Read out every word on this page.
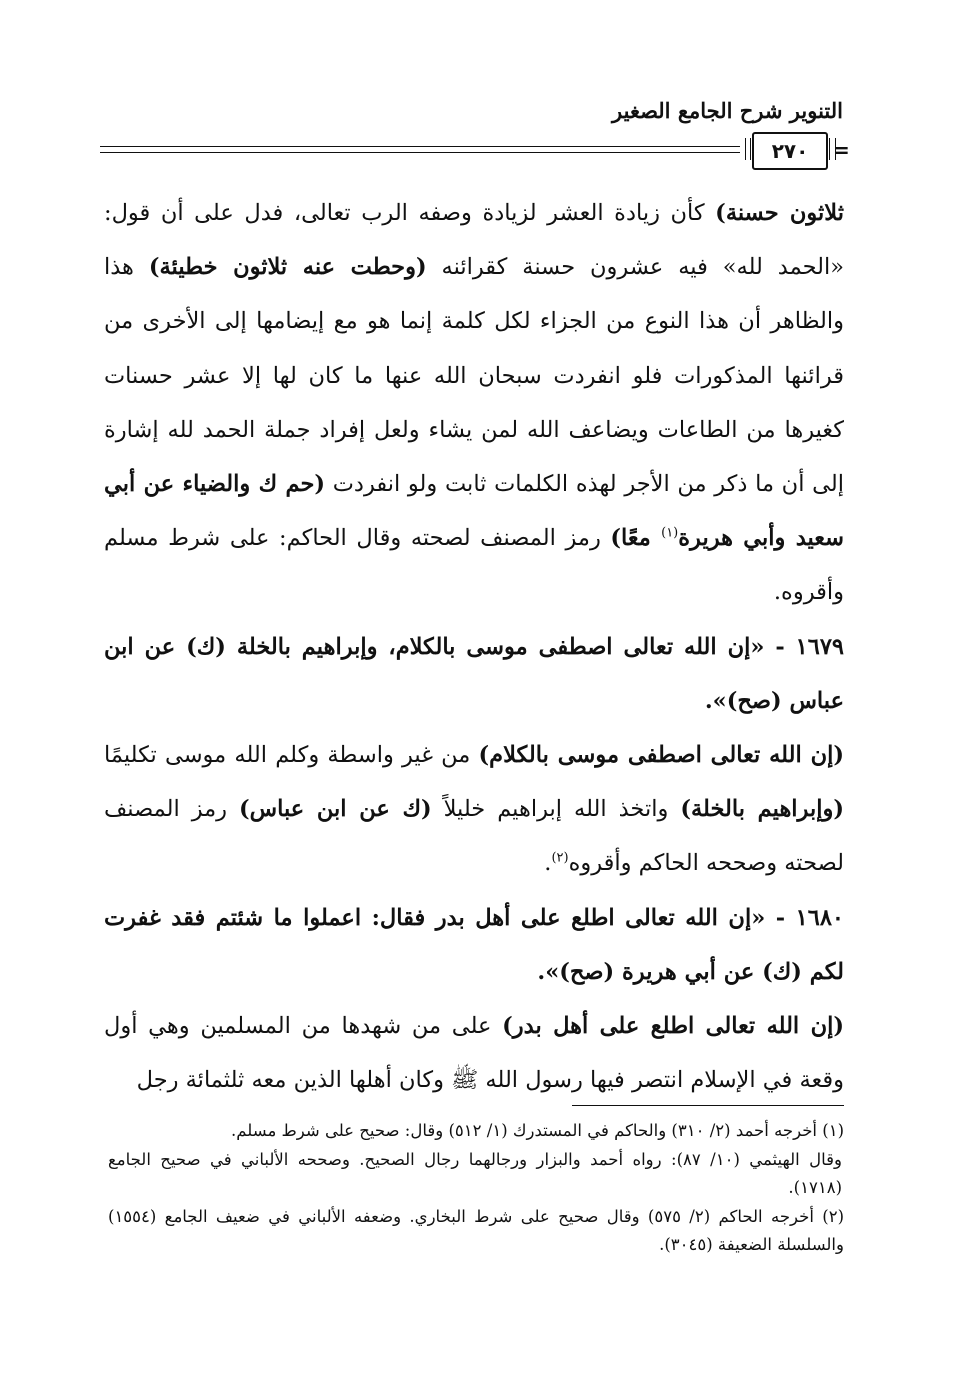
التنوير شرح الجامع الصغير
٢٧٠	=

ثلاثون حسنة) كأن زيادة العشر لزيادة وصفه الرب تعالى، فدل على أن قول: «الحمد لله» فيه عشرون حسنة كقرائنه (وحطت عنه ثلاثون خطيئة) هذا والظاهر أن هذا النوع من الجزاء لكل كلمة إنما هو مع إيضامها إلى الأخرى من قرائنها المذكورات فلو انفردت سبحان الله عنها ما كان لها إلا عشر حسنات كغيرها من الطاعات ويضاعف الله لمن يشاء ولعل إفراد جملة الحمد لله إشارة إلى أن ما ذكر من الأجر لهذه الكلمات ثابت ولو انفردت (حم ك والضياء عن أبي سعيد وأبي هريرة$^{(١)}$ معًا) رمز المصنف لصحته وقال الحاكم: على شرط مسلم وأقروه.

١٦٧٩ - «إن الله تعالى اصطفى موسى بالكلام، وإبراهيم بالخلة (ك) عن ابن عباس (صح)».

(إن الله تعالى اصطفى موسى بالكلام) من غير واسطة وكلم الله موسى تكليمًا (وإبراهيم بالخلة) واتخذ الله إبراهيم خليلاً (ك عن ابن عباس) رمز المصنف لصحته وصححه الحاكم وأقروه$^{(٢)}$.

١٦٨٠ - «إن الله تعالى اطلع على أهل بدر فقال: اعملوا ما شئتم فقد غفرت لكم (ك) عن أبي هريرة (صح)».

(إن الله تعالى اطلع على أهل بدر) على من شهدها من المسلمين وهي أول وقعة في الإسلام انتصر فيها رسول الله ﷺ وكان أهلها الذين معه ثلثمائة رجل

(١) أخرجه أحمد (٢/ ٣١٠) والحاكم في المستدرك (١/ ٥١٢) وقال: صحيح على شرط مسلم.

وقال الهيثمي (١٠/ ٨٧): رواه أحمد والبزار ورجالهما رجال الصحيح. وصححه الألباني في صحيح الجامع (١٧١٨).

(٢) أخرجه الحاكم (٢/ ٥٧٥) وقال صحيح على شرط البخاري. وضعفه الألباني في ضعيف الجامع (١٥٥٤) والسلسلة الضعيفة (٣٠٤٥).
